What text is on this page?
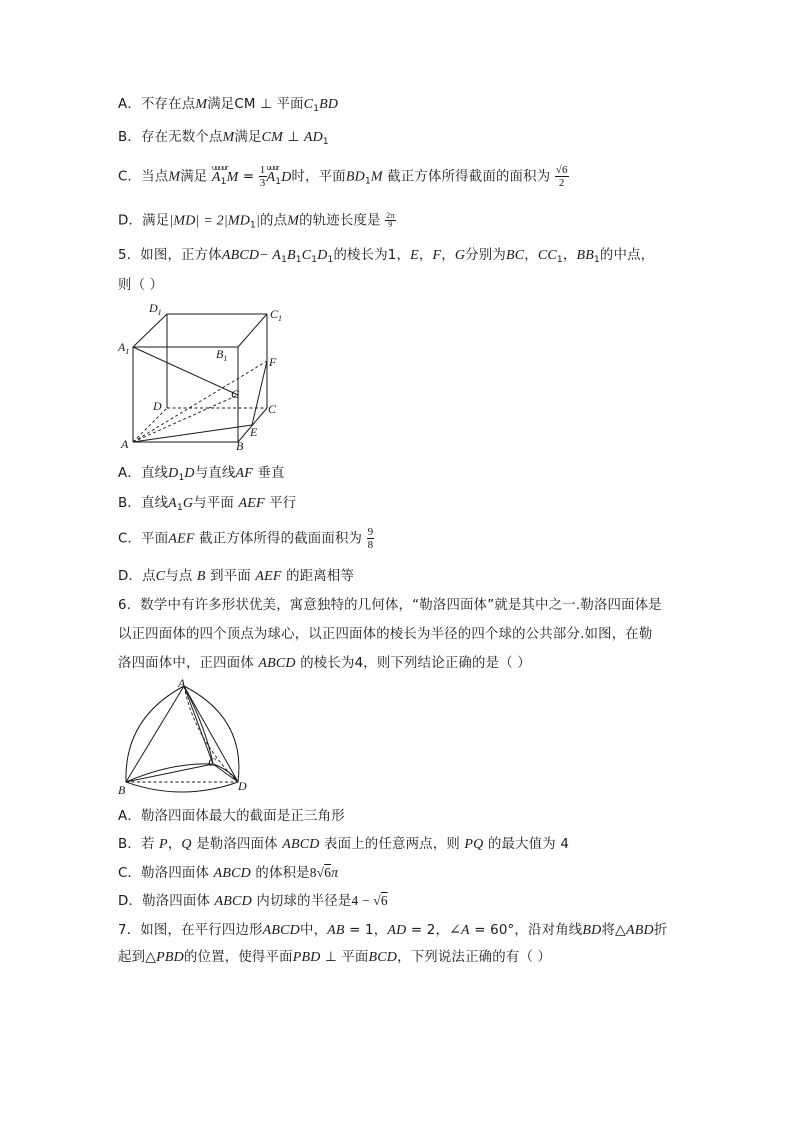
A．不存在点M满足CM ⊥ 平面$C_1BD$
B．存在无数个点M满足CM ⊥ $AD_1$
C．当点M满足
uuuur
$A_1M = \frac{1}{3}$ uuur
$A_1D$时，平面$BD_1M$ 截正方体所得截面的面积为 $\frac{√6}{2}$
D．满足$|MD| = 2|MD_1|$的点M的轨迹长度是 $\frac{2\pi}{9}$
5．如图，正方体ABCD− $A_1B_1C_1D_1$的棱长为1，E，F，G分别为BC，$CC_1$，$BB_1$的中点，
则（ ）
$D_1$	$C_1$
$A_1$	$B_1$	F
G
D	C
E
A	B
A．直线$D_1D$与直线AF 垂直
B．直线$A_1G$与平面 AEF 平行
C．平面AEF 截正方体所得的截面面积为 $\frac{9}{8}$
D．点C与点 B 到平面 AEF 的距离相等
6．数学中有许多形状优美，寓意独特的几何体，“勒洛四面体”就是其中之一.勒洛四面体是
以正四面体的四个顶点为球心，以正四面体的棱长为半径的四个球的公共部分.如图，在勒
洛四面体中，正四面体 ABCD 的棱长为4，则下列结论正确的是（ ）
A
B
C
D
A．勒洛四面体最大的截面是正三角形
B．若 P，Q 是勒洛四面体 ABCD 表面上的任意两点，则 PQ 的最大值为 4
C．勒洛四面体 ABCD 的体积是8√6π
D．勒洛四面体 ABCD 内切球的半径是4 − √6
7．如图，在平行四边形ABCD中，AB = 1，AD = 2，∠A = 60°，沿对角线BD将△ABD折
起到△PBD的位置，使得平面PBD ⊥ 平面BCD，下列说法正确的有（ ）
